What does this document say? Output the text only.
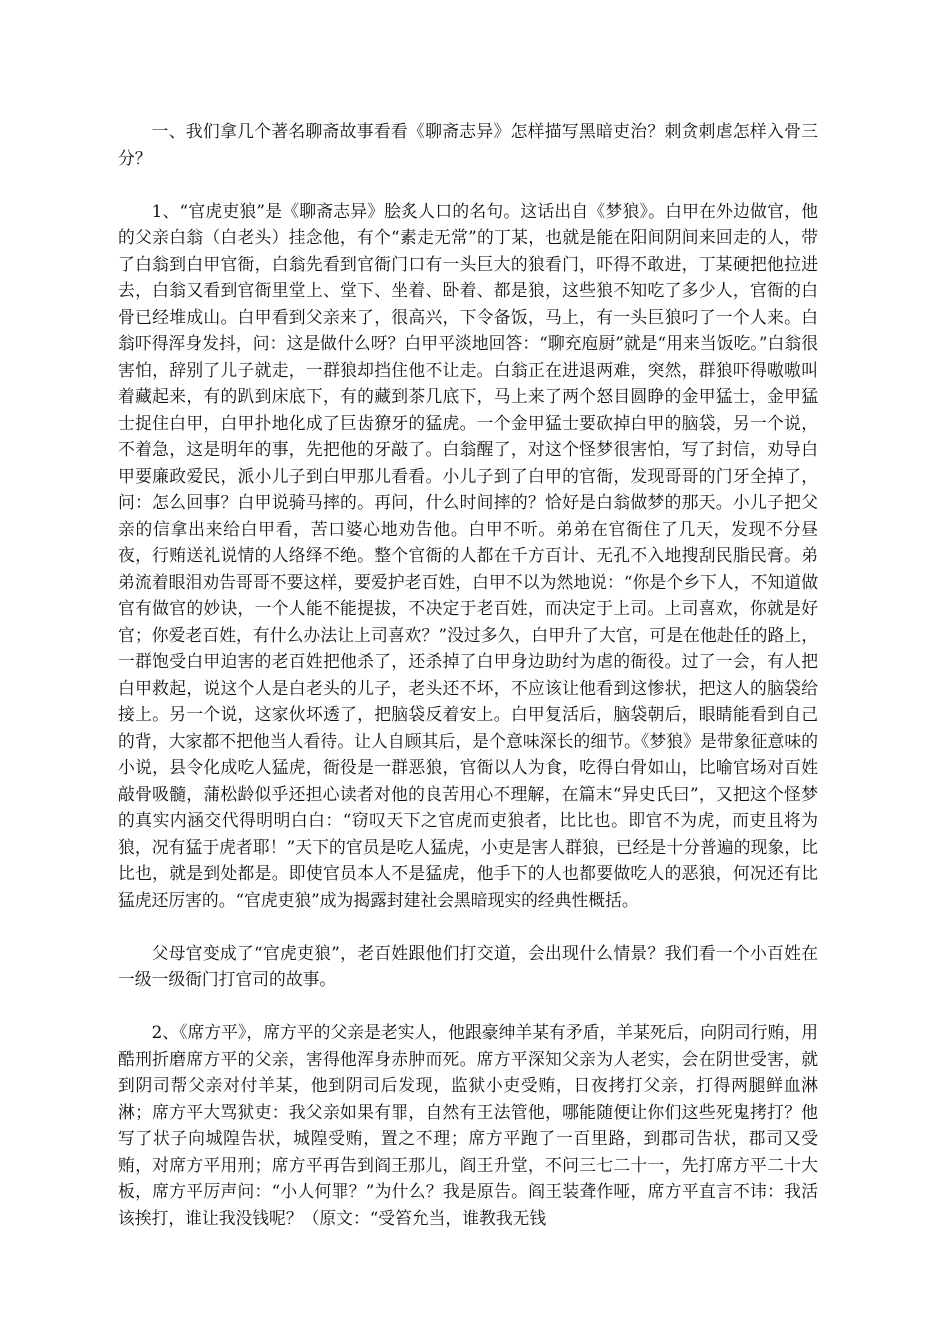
一、我们拿几个著名聊斋故事看看《聊斋志异》怎样描写黑暗吏治？刺贪刺虐怎样入骨三分？

1、“官虎吏狼”是《聊斋志异》脍炙人口的名句。这话出自《梦狼》。白甲在外边做官，他的父亲白翁（白老头）挂念他，有个“素走无常”的丁某，也就是能在阳间阴间来回走的人，带了白翁到白甲官衙，白翁先看到官衙门口有一头巨大的狼看门，吓得不敢进，丁某硬把他拉进去，白翁又看到官衙里堂上、堂下、坐着、卧着、都是狼，这些狼不知吃了多少人，官衙的白骨已经堆成山。白甲看到父亲来了，很高兴，下令备饭，马上，有一头巨狼叼了一个人来。白翁吓得浑身发抖，问：这是做什么呀？白甲平淡地回答：“聊充庖厨”就是“用来当饭吃。”白翁很害怕，辞别了儿子就走，一群狼却挡住他不让走。白翁正在进退两难，突然，群狼吓得嗷嗷叫着藏起来，有的趴到床底下，有的藏到茶几底下，马上来了两个怒目圆睁的金甲猛士，金甲猛士捉住白甲，白甲扑地化成了巨齿獠牙的猛虎。一个金甲猛士要砍掉白甲的脑袋，另一个说，不着急，这是明年的事，先把他的牙敲了。白翁醒了，对这个怪梦很害怕，写了封信，劝导白甲要廉政爱民，派小儿子到白甲那儿看看。小儿子到了白甲的官衙，发现哥哥的门牙全掉了，问：怎么回事？白甲说骑马摔的。再问，什么时间摔的？恰好是白翁做梦的那天。小儿子把父亲的信拿出来给白甲看，苦口婆心地劝告他。白甲不听。弟弟在官衙住了几天，发现不分昼夜，行贿送礼说情的人络绎不绝。整个官衙的人都在千方百计、无孔不入地搜刮民脂民膏。弟弟流着眼泪劝告哥哥不要这样，要爱护老百姓，白甲不以为然地说：“你是个乡下人，不知道做官有做官的妙诀，一个人能不能提拔，不决定于老百姓，而决定于上司。上司喜欢，你就是好官；你爱老百姓，有什么办法让上司喜欢？”没过多久，白甲升了大官，可是在他赴任的路上，一群饱受白甲迫害的老百姓把他杀了，还杀掉了白甲身边助纣为虐的衙役。过了一会，有人把白甲救起，说这个人是白老头的儿子，老头还不坏，不应该让他看到这惨状，把这人的脑袋给接上。另一个说，这家伙坏透了，把脑袋反着安上。白甲复活后，脑袋朝后，眼睛能看到自己的背，大家都不把他当人看待。让人自顾其后，是个意味深长的细节。《梦狼》是带象征意味的小说，县令化成吃人猛虎，衙役是一群恶狼，官衙以人为食，吃得白骨如山，比喻官场对百姓敲骨吸髓，蒲松龄似乎还担心读者对他的良苦用心不理解，在篇末“异史氏曰”，又把这个怪梦的真实内涵交代得明明白白：“窃叹天下之官虎而吏狼者，比比也。即官不为虎，而吏且将为狼，况有猛于虎者耶！”天下的官员是吃人猛虎，小吏是害人群狼，已经是十分普遍的现象，比比也，就是到处都是。即使官员本人不是猛虎，他手下的人也都要做吃人的恶狼，何况还有比猛虎还厉害的。“官虎吏狼”成为揭露封建社会黑暗现实的经典性概括。

父母官变成了“官虎吏狼”，老百姓跟他们打交道，会出现什么情景？我们看一个小百姓在一级一级衙门打官司的故事。

2、《席方平》，席方平的父亲是老实人，他跟豪绅羊某有矛盾，羊某死后，向阴司行贿，用酷刑折磨席方平的父亲，害得他浑身赤肿而死。席方平深知父亲为人老实，会在阴世受害，就到阴司帮父亲对付羊某，他到阴司后发现，监狱小吏受贿，日夜拷打父亲，打得两腿鲜血淋淋；席方平大骂狱吏：我父亲如果有罪，自然有王法管他，哪能随便让你们这些死鬼拷打？他写了状子向城隍告状，城隍受贿，置之不理；席方平跑了一百里路，到郡司告状，郡司又受贿，对席方平用刑；席方平再告到阎王那儿，阎王升堂，不问三七二十一，先打席方平二十大板，席方平厉声问：“小人何罪？”为什么？我是原告。阎王装聋作哑，席方平直言不讳：我活该挨打，谁让我没钱呢？（原文：“受笞允当，谁教我无钱
